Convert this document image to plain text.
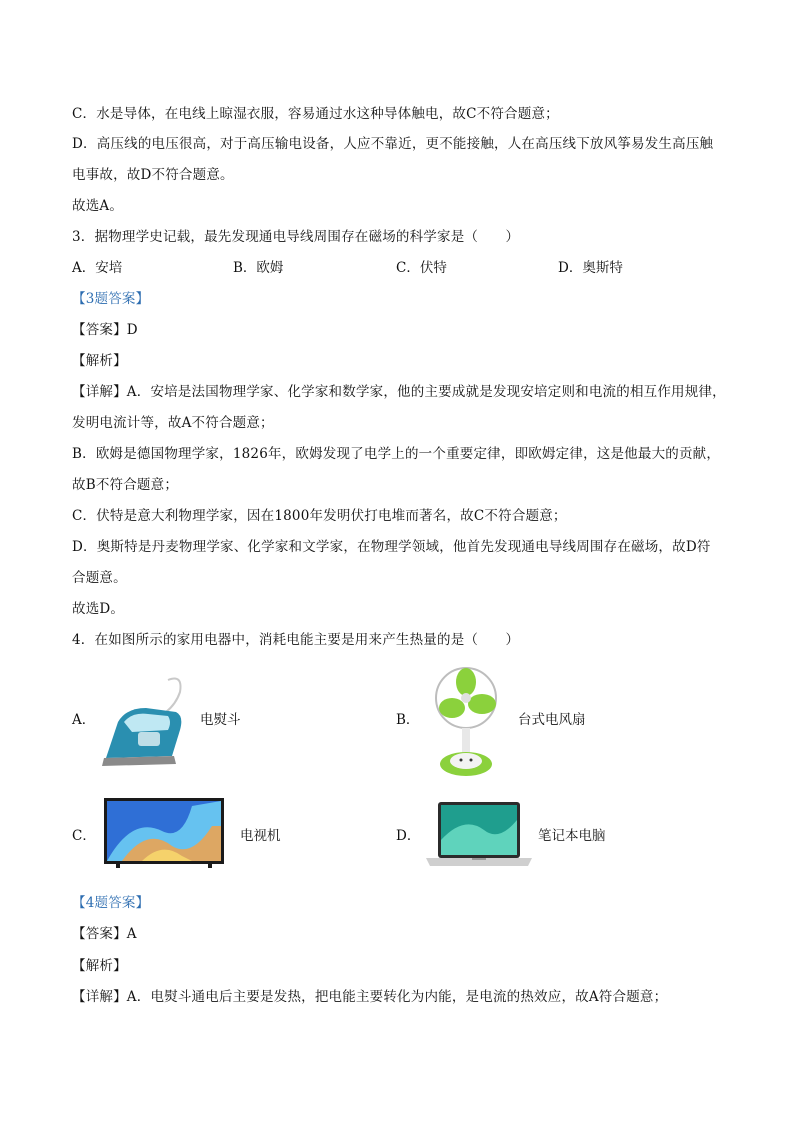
C．水是导体，在电线上晾湿衣服，容易通过水这种导体触电，故C不符合题意；
D．高压线的电压很高，对于高压输电设备，人应不靠近，更不能接触，人在高压线下放风筝易发生高压触
电事故，故D不符合题意。
故选A。
3．据物理学史记载，最先发现通电导线周围存在磁场的科学家是（　　）
A．安培	B．欧姆	C．伏特	D．奥斯特
【3题答案】
【答案】D
【解析】
【详解】A．安培是法国物理学家、化学家和数学家，他的主要成就是发现安培定则和电流的相互作用规律，
发明电流计等，故A不符合题意；
B．欧姆是德国物理学家，1826年，欧姆发现了电学上的一个重要定律，即欧姆定律，这是他最大的贡献，
故B不符合题意；
C．伏特是意大利物理学家，因在1800年发明伏打电堆而著名，故C不符合题意；
D．奥斯特是丹麦物理学家、化学家和文学家，在物理学领域，他首先发现通电导线周围存在磁场，故D符
合题意。
故选D。
4．在如图所示的家用电器中，消耗电能主要是用来产生热量的是（　　）
A．	电熨斗	B．	台式电风扇
C．	电视机	D．	笔记本电脑
【4题答案】
【答案】A
【解析】
【详解】A．电熨斗通电后主要是发热，把电能主要转化为内能，是电流的热效应，故A符合题意；
